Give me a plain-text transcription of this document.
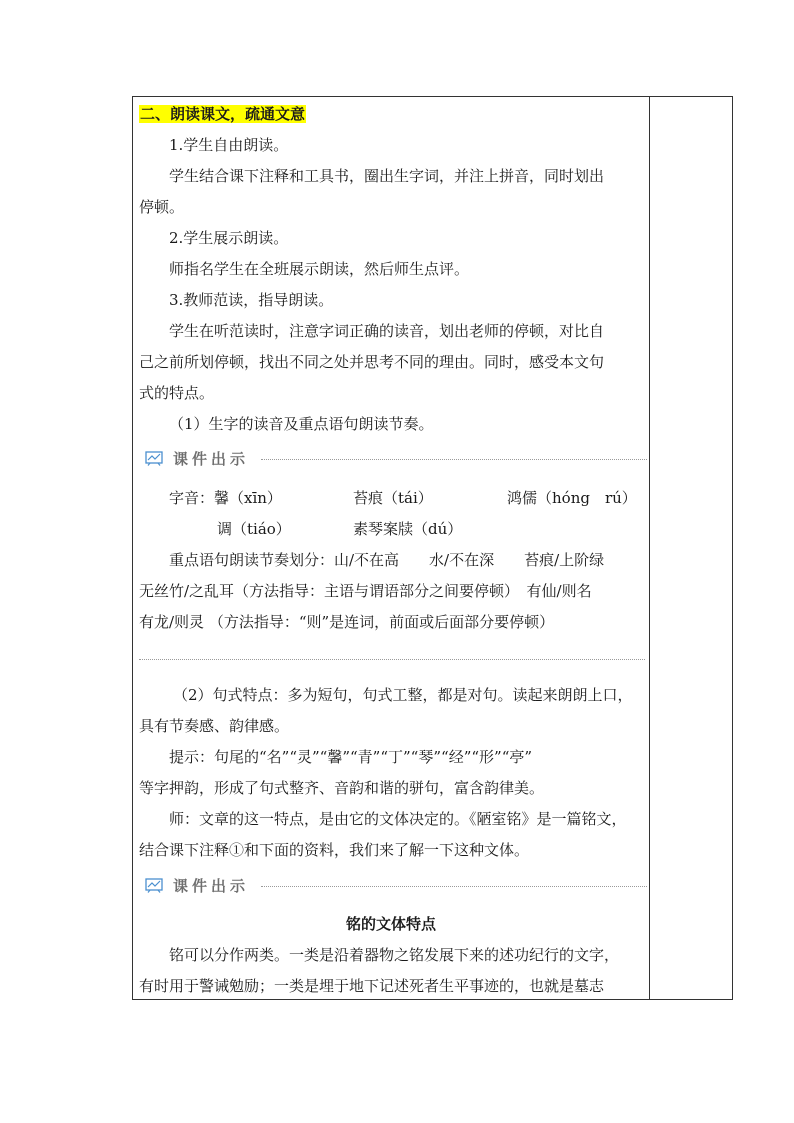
二、朗读课文，疏通文意
1.学生自由朗读。
学生结合课下注释和工具书，圈出生字词，并注上拼音，同时划出
停顿。
2.学生展示朗读。
师指名学生在全班展示朗读，然后师生点评。
3.教师范读，指导朗读。
学生在听范读时，注意字词正确的读音，划出老师的停顿，对比自
己之前所划停顿，找出不同之处并思考不同的理由。同时，感受本文句
式的特点。
（1）生字的读音及重点语句朗读节奏。
课件出示
字音：馨（xīn）	苔痕（tái）	鸿儒（hóng　rú）
调（tiáo）	素琴案牍（dú）
重点语句朗读节奏划分：山/不在高　　水/不在深　　苔痕/上阶绿
无丝竹/之乱耳（方法指导：主语与谓语部分之间要停顿）　有仙/则名
有龙/则灵 （方法指导：“则”是连词，前面或后面部分要停顿）
（2）句式特点：多为短句，句式工整，都是对句。读起来朗朗上口，
具有节奏感、韵律感。
提示：句尾的“名”“灵”“馨”“青”“丁”“琴”“经”“形”“亭”
等字押韵，形成了句式整齐、音韵和谐的骈句，富含韵律美。
师：文章的这一特点，是由它的文体决定的。《陋室铭》是一篇铭文，
结合课下注释①和下面的资料，我们来了解一下这种文体。
课件出示
铭的文体特点
铭可以分作两类。一类是沿着器物之铭发展下来的述功纪行的文字，
有时用于警诫勉励；一类是埋于地下记述死者生平事迹的，也就是墓志
